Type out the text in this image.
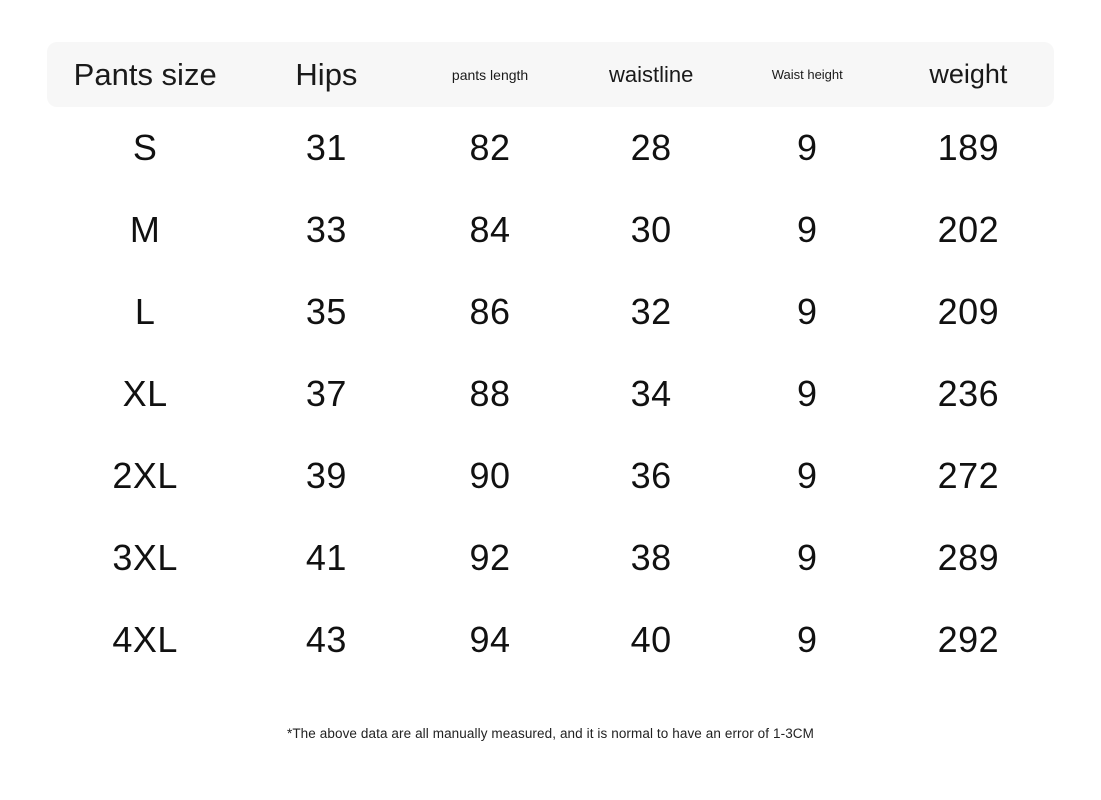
Pants size	Hips	pants length	waistline	Waist height	weight
S	31	82	28	9	189
M	33	84	30	9	202
L	35	86	32	9	209
XL	37	88	34	9	236
2XL	39	90	36	9	272
3XL	41	92	38	9	289
4XL	43	94	40	9	292
*The above data are all manually measured, and it is normal to have an error of 1-3CM
